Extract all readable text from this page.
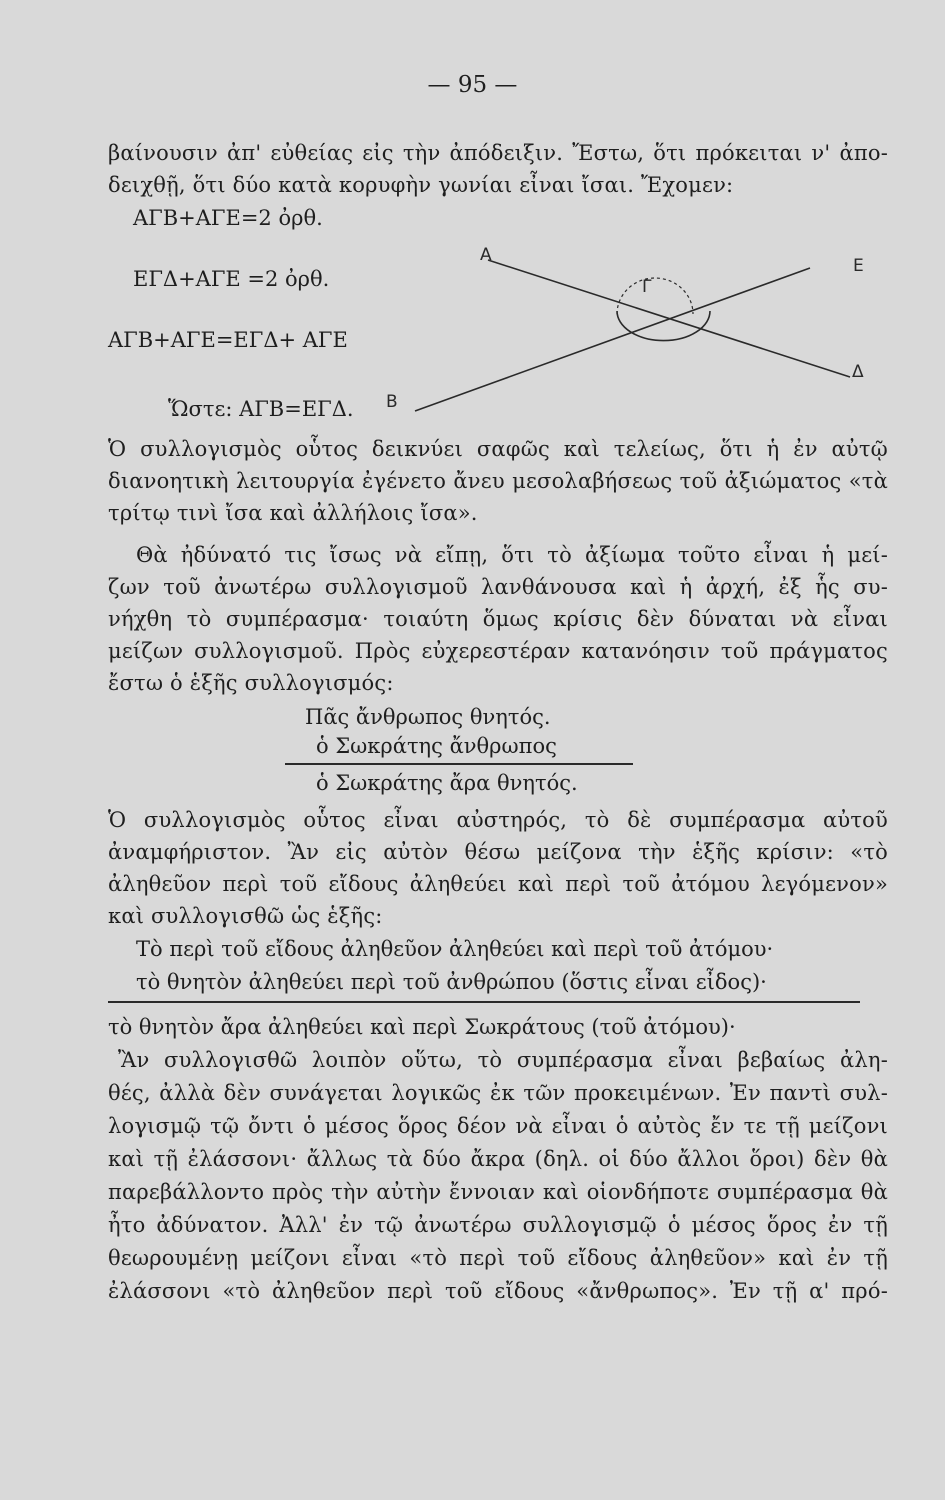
— 95 —
βαίνουσιν ἀπ' εὐθείας εἰς τὴν ἀπόδειξιν. Ἔστω, ὅτι πρόκειται ν' ἀπο-
δειχθῇ, ὅτι δύο κατὰ κορυφὴν γωνίαι εἶναι ἴσαι. Ἔχομεν:
ΑΓΒ+ΑΓΕ=2 ὀρθ.
ΕΓΔ+ΑΓΕ =2 ὀρθ.
ΑΓΒ+ΑΓΕ=ΕΓΔ+ ΑΓΕ
Ὥστε: ΑΓΒ=ΕΓΔ.
Α
Γ
Ε
Δ
Β
Ὁ συλλογισμὸς οὗτος δεικνύει σαφῶς καὶ τελείως, ὅτι ἡ ἐν αὐτῷ
διανοητικὴ λειτουργία ἐγένετο ἄνευ μεσολαβήσεως τοῦ ἀξιώματος «τὰ
τρίτῳ τινὶ ἴσα καὶ ἀλλήλοις ἴσα».
Θὰ ἠδύνατό τις ἴσως νὰ εἴπῃ, ὅτι τὸ ἀξίωμα τοῦτο εἶναι ἡ μεί-
ζων τοῦ ἀνωτέρω συλλογισμοῦ λανθάνουσα καὶ ἡ ἀρχή, ἐξ ἧς συ-
νήχθη τὸ συμπέρασμα· τοιαύτη ὅμως κρίσις δὲν δύναται νὰ εἶναι
μείζων συλλογισμοῦ. Πρὸς εὐχερεστέραν κατανόησιν τοῦ πράγματος
ἔστω ὁ ἑξῆς συλλογισμός:
Πᾶς ἄνθρωπος θνητός.
ὁ Σωκράτης ἄνθρωπος
ὁ Σωκράτης ἄρα θνητός.
Ὁ συλλογισμὸς οὗτος εἶναι αὐστηρός, τὸ δὲ συμπέρασμα αὐτοῦ
ἀναμφήριστον. Ἂν εἰς αὐτὸν θέσω μείζονα τὴν ἑξῆς κρίσιν: «τὸ
ἀληθεῦον περὶ τοῦ εἴδους ἀληθεύει καὶ περὶ τοῦ ἀτόμου λεγόμενον»
καὶ συλλογισθῶ ὡς ἑξῆς:
Τὸ περὶ τοῦ εἴδους ἀληθεῦον ἀληθεύει καὶ περὶ τοῦ ἀτόμου·
τὸ θνητὸν ἀληθεύει περὶ τοῦ ἀνθρώπου (ὅστις εἶναι εἶδος)·
τὸ θνητὸν ἄρα ἀληθεύει καὶ περὶ Σωκράτους (τοῦ ἀτόμου)·
Ἂν συλλογισθῶ λοιπὸν οὕτω, τὸ συμπέρασμα εἶναι βεβαίως ἀλη-
θές, ἀλλὰ δὲν συνάγεται λογικῶς ἐκ τῶν προκειμένων. Ἐν παντὶ συλ-
λογισμῷ τῷ ὄντι ὁ μέσος ὅρος δέον νὰ εἶναι ὁ αὐτὸς ἔν τε τῇ μείζονι
καὶ τῇ ἐλάσσονι· ἄλλως τὰ δύο ἄκρα (δηλ. οἱ δύο ἄλλοι ὅροι) δὲν θὰ
παρεβάλλοντο πρὸς τὴν αὐτὴν ἔννοιαν καὶ οἱονδήποτε συμπέρασμα θὰ
ἦτο ἀδύνατον. Ἀλλ' ἐν τῷ ἀνωτέρω συλλογισμῷ ὁ μέσος ὅρος ἐν τῇ
θεωρουμένῃ μείζονι εἶναι «τὸ περὶ τοῦ εἴδους ἀληθεῦον» καὶ ἐν τῇ
ἐλάσσονι «τὸ ἀληθεῦον περὶ τοῦ εἴδους «ἄνθρωπος». Ἐν τῇ α' πρό-
